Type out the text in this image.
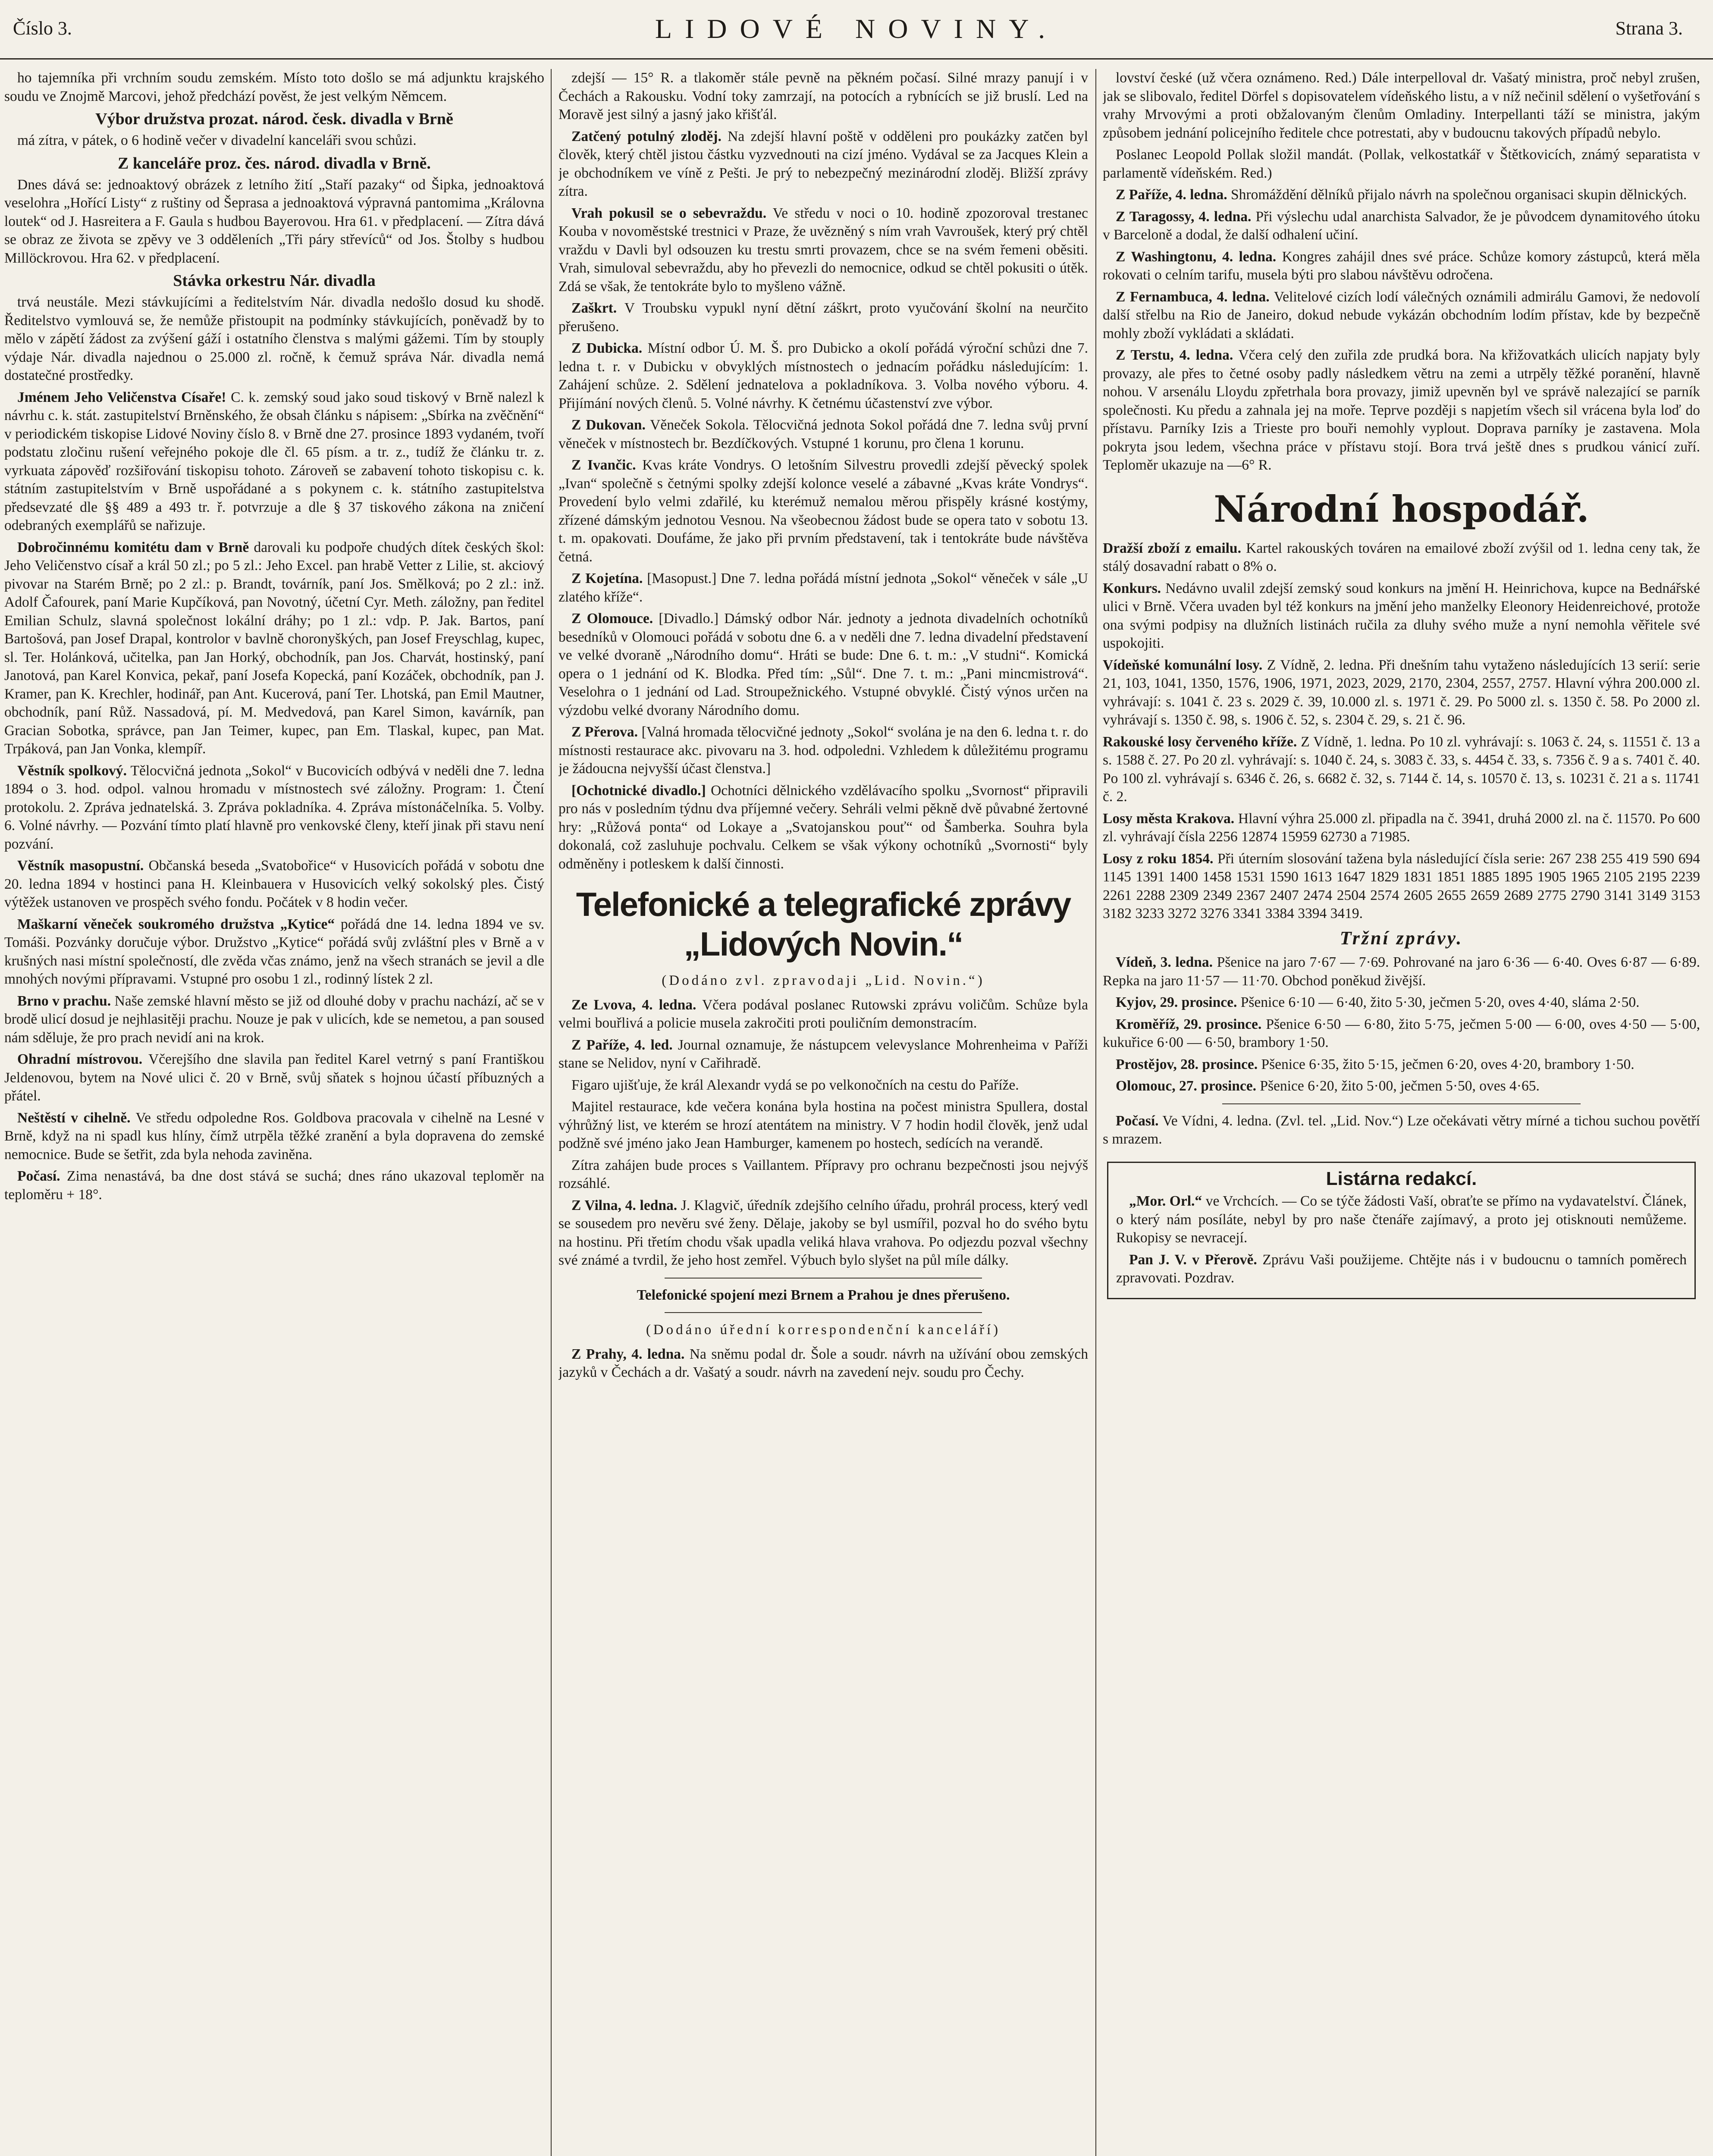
Číslo 3.	LIDOVÉ NOVINY.	Strana 3.

ho tajemníka při vrchním soudu zemském. Místo toto došlo se má adjunktu krajského soudu ve Znojmě Marcovi, jehož předchází pověst, že jest velkým Němcem.

Výbor družstva prozat. národ. česk. divadla v Brně

má zítra, v pátek, o 6 hodině večer v divadelní kanceláři svou schůzi.

Z kanceláře proz. čes. národ. divadla v Brně.

Dnes dává se: jednoaktový obrázek z letního žití „Staří pazaky“ od Šipka, jednoaktová veselohra „Hořící Listy“ z ruštiny od Šeprasa a jednoaktová výpravná pantomima „Královna loutek“ od J. Hasreitera a F. Gaula s hudbou Bayerovou. Hra 61. v předplacení. — Zítra dává se obraz ze života se zpěvy ve 3 odděleních „Tři páry střevíců“ od Jos. Štolby s hudbou Millöckrovou. Hra 62. v předplacení.

Stávka orkestru Nár. divadla

trvá neustále. Mezi stávkujícími a ředitelstvím Nár. divadla nedošlo dosud ku shodě. Ředitelstvo vymlouvá se, že nemůže přistoupit na podmínky stávkujících, poněvadž by to mělo v zápětí žádost za zvýšení gáží i ostatního členstva s malými gážemi. Tím by stouply výdaje Nár. divadla najednou o 25.000 zl. ročně, k čemuž správa Nár. divadla nemá dostatečné prostředky.

Jménem Jeho Veličenstva Císaře! C. k. zemský soud jako soud tiskový v Brně nalezl k návrhu c. k. stát. zastupitelství Brněnského, že obsah článku s nápisem: „Sbírka na zvěčnění“ v periodickém tiskopise Lidové Noviny číslo 8. v Brně dne 27. prosince 1893 vydaném, tvoří podstatu zločinu rušení veřejného pokoje dle čl. 65 písm. a tr. z., tudíž že článku tr. z. vyrkuata zápověď rozšiřování tiskopisu tohoto. Zároveň se zabavení tohoto tiskopisu c. k. státním zastupitelstvím v Brně uspořádané a s pokynem c. k. státního zastupitelstva předsevzaté dle §§ 489 a 493 tr. ř. potvrzuje a dle § 37 tiskového zákona na zničení odebraných exemplářů se nařizuje.

Dobročinnému komitétu dam v Brně darovali ku podpoře chudých dítek českých škol: Jeho Veličenstvo císař a král 50 zl.; po 5 zl.: Jeho Excel. pan hrabě Vetter z Lilie, st. akciový pivovar na Starém Brně; po 2 zl.: p. Brandt, továrník, paní Jos. Smělková; po 2 zl.: inž. Adolf Čafourek, paní Marie Kupčíková, pan Novotný, účetní Cyr. Meth. záložny, pan ředitel Emilian Schulz, slavná společnost lokální dráhy; po 1 zl.: vdp. P. Jak. Bartos, paní Bartošová, pan Josef Drapal, kontrolor v bavlně choronyškých, pan Josef Freyschlag, kupec, sl. Ter. Holánková, učitelka, pan Jan Horký, obchodník, pan Jos. Charvát, hostinský, paní Janotová, pan Karel Konvica, pekař, paní Josefa Kopecká, paní Kozáček, obchodník, pan J. Kramer, pan K. Krechler, hodinář, pan Ant. Kucerová, paní Ter. Lhotská, pan Emil Mautner, obchodník, paní Růž. Nassadová, pí. M. Medvedová, pan Karel Simon, kavárník, pan Gracian Sobotka, správce, pan Jan Teimer, kupec, pan Em. Tlaskal, kupec, pan Mat. Trpáková, pan Jan Vonka, klempíř.

Věstník spolkový. Tělocvičná jednota „Sokol“ v Bucovicích odbývá v neděli dne 7. ledna 1894 o 3. hod. odpol. valnou hromadu v místnostech své záložny. Program: 1. Čtení protokolu. 2. Zpráva jednatelská. 3. Zpráva pokladníka. 4. Zpráva místonáčelníka. 5. Volby. 6. Volné návrhy. — Pozvání tímto platí hlavně pro venkovské členy, kteří jinak při stavu není pozvání.

Věstník masopustní. Občanská beseda „Svatobořice“ v Husovicích pořádá v sobotu dne 20. ledna 1894 v hostinci pana H. Kleinbauera v Husovicích velký sokolský ples. Čistý výtěžek ustanoven ve prospěch svého fondu. Počátek v 8 hodin večer.

Maškarní věneček soukromého družstva „Kytice“ pořádá dne 14. ledna 1894 ve sv. Tomáši. Pozvánky doručuje výbor. Družstvo „Kytice“ pořádá svůj zvláštní ples v Brně a v krušných nasi místní společností, dle zvěda včas známo, jenž na všech stranách se jevil a dle mnohých novými přípravami. Vstupné pro osobu 1 zl., rodinný lístek 2 zl.

Brno v prachu. Naše zemské hlavní město se již od dlouhé doby v prachu nachází, ač se v brodě ulicí dosud je nejhlasitěji prachu. Nouze je pak v ulicích, kde se nemetou, a pan soused nám sděluje, že pro prach nevidí ani na krok.

Ohradní místrovou. Včerejšího dne slavila pan ředitel Karel vetrný s paní Františkou Jeldenovou, bytem na Nové ulici č. 20 v Brně, svůj sňatek s hojnou účastí příbuzných a přátel.

Neštěstí v cihelně. Ve středu odpoledne Ros. Goldbova pracovala v cihelně na Lesné v Brně, když na ni spadl kus hlíny, čímž utrpěla těžké zranění a byla dopravena do zemské nemocnice. Bude se šetřit, zda byla nehoda zaviněna.

Počasí. Zima nenastává, ba dne dost stává se suchá; dnes ráno ukazoval teploměr na teploměru + 18°.

zdejší — 15° R. a tlakoměr stále pevně na pěkném počasí. Silné mrazy panují i v Čechách a Rakousku. Vodní toky zamrzají, na potocích a rybnících se již bruslí. Led na Moravě jest silný a jasný jako křišťál.

Zatčený potulný zloděj. Na zdejší hlavní poště v odděleni pro poukázky zatčen byl člověk, který chtěl jistou částku vyzvednouti na cizí jméno. Vydával se za Jacques Klein a je obchodníkem ve víně z Pešti. Je prý to nebezpečný mezinárodní zloděj. Bližší zprávy zítra.

Vrah pokusil se o sebevraždu. Ve středu v noci o 10. hodině zpozoroval trestanec Kouba v novoměstské trestnici v Praze, že uvězněný s ním vrah Vavroušek, který prý chtěl vraždu v Davli byl odsouzen ku trestu smrti provazem, chce se na svém řemeni oběsiti. Vrah, simuloval sebevraždu, aby ho převezli do nemocnice, odkud se chtěl pokusiti o útěk. Zdá se však, že tentokráte bylo to myšleno vážně.

Zaškrt. V Troubsku vypukl nyní dětní záškrt, proto vyučování školní na neurčito přerušeno.

Z Dubicka. Místní odbor Ú. M. Š. pro Dubicko a okolí pořádá výroční schůzi dne 7. ledna t. r. v Dubicku v obvyklých místnostech o jednacím pořádku následujícím: 1. Zahájení schůze. 2. Sdělení jednatelova a pokladníkova. 3. Volba nového výboru. 4. Přijímání nových členů. 5. Volné návrhy. K četnému účastenství zve výbor.

Z Dukovan. Věneček Sokola. Tělocvičná jednota Sokol pořádá dne 7. ledna svůj první věneček v místnostech br. Bezdíčkových. Vstupné 1 korunu, pro člena 1 korunu.

Z Ivančic. Kvas kráte Vondrys. O letošním Silvestru provedli zdejší pěvecký spolek „Ivan“ společně s četnými spolky zdejší kolonce veselé a zábavné „Kvas kráte Vondrys“. Provedení bylo velmi zdařilé, ku kterémuž nemalou měrou přispěly krásné kostýmy, zřízené dámským jednotou Vesnou. Na všeobecnou žádost bude se opera tato v sobotu 13. t. m. opakovati. Doufáme, že jako při prvním představení, tak i tentokráte bude návštěva četná.

Z Kojetína. [Masopust.] Dne 7. ledna pořádá místní jednota „Sokol“ věneček v sále „U zlatého kříže“.

Z Olomouce. [Divadlo.] Dámský odbor Nár. jednoty a jednota divadelních ochotníků besedníků v Olomouci pořádá v sobotu dne 6. a v neděli dne 7. ledna divadelní představení ve velké dvoraně „Národního domu“. Hráti se bude: Dne 6. t. m.: „V studni“. Komická opera o 1 jednání od K. Blodka. Před tím: „Sůl“. Dne 7. t. m.: „Pani mincmistrová“. Veselohra o 1 jednání od Lad. Stroupežnického. Vstupné obvyklé. Čistý výnos určen na výzdobu velké dvorany Národního domu.

Z Přerova. [Valná hromada tělocvičné jednoty „Sokol“ svolána je na den 6. ledna t. r. do místnosti restaurace akc. pivovaru na 3. hod. odpoledni. Vzhledem k důležitému programu je žádoucna nejvyšší účast členstva.]

[Ochotnické divadlo.] Ochotníci dělnického vzdělávacího spolku „Svornost“ připravili pro nás v posledním týdnu dva příjemné večery. Sehráli velmi pěkně dvě půvabné žertovné hry: „Růžová ponta“ od Lokaye a „Svatojanskou pouť“ od Šamberka. Souhra byla dokonalá, což zasluhuje pochvalu. Celkem se však výkony ochotníků „Svornosti“ byly odměněny i potleskem k další činnosti.

Telefonické a telegrafické zprávy
„Lidových Novin.“
(Dodáno zvl. zpravodaji „Lid. Novin.“)

Ze Lvova, 4. ledna. Včera podával poslanec Rutowski zprávu voličům. Schůze byla velmi bouřlivá a policie musela zakročiti proti pouličním demonstracím.

Z Paříže, 4. led. Journal oznamuje, že nástupcem velevyslance Mohrenheima v Paříži stane se Nelidov, nyní v Cařihradě.

Figaro ujišťuje, že král Alexandr vydá se po velkonočních na cestu do Paříže.

Majitel restaurace, kde večera konána byla hostina na počest ministra Spullera, dostal výhrůžný list, ve kterém se hrozí atentátem na ministry. V 7 hodin hodil člověk, jenž udal podžně své jméno jako Jean Hamburger, kamenem po hostech, sedících na verandě.

Zítra zahájen bude proces s Vaillantem. Přípravy pro ochranu bezpečnosti jsou nejvýš rozsáhlé.

Z Vilna, 4. ledna. J. Klagvič, úředník zdejšího celního úřadu, prohrál process, který vedl se sousedem pro nevěru své ženy. Dělaje, jakoby se byl usmířil, pozval ho do svého bytu na hostinu. Při třetím chodu však upadla veliká hlava vrahova. Po odjezdu pozval všechny své známé a tvrdil, že jeho host zemřel. Výbuch bylo slyšet na půl míle dálky.

Telefonické spojení mezi Brnem a Prahou je dnes přerušeno.

(Dodáno úřední korrespondenční kanceláří)

Z Prahy, 4. ledna. Na sněmu podal dr. Šole a soudr. návrh na užívání obou zemských jazyků v Čechách a dr. Vašatý a soudr. návrh na zavedení nejv. soudu pro Čechy.

lovství české (už včera oznámeno. Red.) Dále interpelloval dr. Vašatý ministra, proč nebyl zrušen, jak se slibovalo, ředitel Dörfel s dopisovatelem vídeňského listu, a v níž nečinil sdělení o vyšetřování s vrahy Mrvovými a proti obžalovaným členům Omladiny. Interpellanti táží se ministra, jakým způsobem jednání policejního ředitele chce potrestati, aby v budoucnu takových případů nebylo.

Poslanec Leopold Pollak složil mandát. (Pollak, velkostatkář v Štětkovicích, známý separatista v parlamentě vídeňském. Red.)

Z Paříže, 4. ledna. Shromáždění dělníků přijalo návrh na společnou organisaci skupin dělnických.

Z Taragossy, 4. ledna. Při výslechu udal anarchista Salvador, že je původcem dynamitového útoku v Barceloně a dodal, že další odhalení učiní.

Z Washingtonu, 4. ledna. Kongres zahájil dnes své práce. Schůze komory zástupců, která měla rokovati o celním tarifu, musela býti pro slabou návštěvu odročena.

Z Fernambuca, 4. ledna. Velitelové cizích lodí válečných oznámili admirálu Gamovi, že nedovolí další střelbu na Rio de Janeiro, dokud nebude vykázán obchodním lodím přístav, kde by bezpečně mohly zboží vykládati a skládati.

Z Terstu, 4. ledna. Včera celý den zuřila zde prudká bora. Na křižovatkách ulicích napjaty byly provazy, ale přes to četné osoby padly následkem větru na zemi a utrpěly těžké poranění, hlavně nohou. V arsenálu Lloydu zpřetrhala bora provazy, jimiž upevněn byl ve správě nalezající se parník společnosti. Ku předu a zahnala jej na moře. Teprve později s napjetím všech sil vrácena byla loď do přístavu. Parníky Izis a Trieste pro bouři nemohly vyplout. Doprava parníky je zastavena. Mola pokryta jsou ledem, všechna práce v přístavu stojí. Bora trvá ještě dnes s prudkou vánicí zuří. Teploměr ukazuje na —6° R.

Národní hospodář.

Dražší zboží z emailu. Kartel rakouských továren na emailové zboží zvýšil od 1. ledna ceny tak, že stálý dosavadní rabatt o 8% o.

Konkurs. Nedávno uvalil zdejší zemský soud konkurs na jmění H. Heinrichova, kupce na Bednářské ulici v Brně. Včera uvaden byl též konkurs na jmění jeho manželky Eleonory Heidenreichové, protože ona svými podpisy na dlužních listinách ručila za dluhy svého muže a nyní nemohla věřitele své uspokojiti.

Vídeňské komunální losy. Z Vídně, 2. ledna. Při dnešním tahu vytaženo následujících 13 serií: serie 21, 103, 1041, 1350, 1576, 1906, 1971, 2023, 2029, 2170, 2304, 2557, 2757. Hlavní výhra 200.000 zl. vyhrávají: s. 1041 č. 23 s. 2029 č. 39, 10.000 zl. s. 1971 č. 29. Po 5000 zl. s. 1350 č. 58. Po 2000 zl. vyhrávají s. 1350 č. 98, s. 1906 č. 52, s. 2304 č. 29, s. 21 č. 96.

Rakouské losy červeného kříže. Z Vídně, 1. ledna. Po 10 zl. vyhrávají: s. 1063 č. 24, s. 11551 č. 13 a s. 1588 č. 27. Po 20 zl. vyhrávají: s. 1040 č. 24, s. 3083 č. 33, s. 4454 č. 33, s. 7356 č. 9 a s. 7401 č. 40. Po 100 zl. vyhrávají s. 6346 č. 26, s. 6682 č. 32, s. 7144 č. 14, s. 10570 č. 13, s. 10231 č. 21 a s. 11741 č. 2.

Losy města Krakova. Hlavní výhra 25.000 zl. připadla na č. 3941, druhá 2000 zl. na č. 11570. Po 600 zl. vyhrávají čísla 2256 12874 15959 62730 a 71985.

Losy z roku 1854. Při úterním slosování tažena byla následující čísla serie: 267 238 255 419 590 694 1145 1391 1400 1458 1531 1590 1613 1647 1829 1831 1851 1885 1895 1905 1965 2105 2195 2239 2261 2288 2309 2349 2367 2407 2474 2504 2574 2605 2655 2659 2689 2775 2790 3141 3149 3153 3182 3233 3272 3276 3341 3384 3394 3419.

Tržní zprávy.

Vídeň, 3. ledna. Pšenice na jaro 7·67 — 7·69. Pohrované na jaro 6·36 — 6·40. Oves 6·87 — 6·89. Repka na jaro 11·57 — 11·70. Obchod poněkud živější.

Kyjov, 29. prosince. Pšenice 6·10 — 6·40, žito 5·30, ječmen 5·20, oves 4·40, sláma 2·50.

Kroměříž, 29. prosince. Pšenice 6·50 — 6·80, žito 5·75, ječmen 5·00 — 6·00, oves 4·50 — 5·00, kukuřice 6·00 — 6·50, brambory 1·50.

Prostějov, 28. prosince. Pšenice 6·35, žito 5·15, ječmen 6·20, oves 4·20, brambory 1·50.

Olomouc, 27. prosince. Pšenice 6·20, žito 5·00, ječmen 5·50, oves 4·65.

Počasí. Ve Vídni, 4. ledna. (Zvl. tel. „Lid. Nov.“) Lze očekávati větry mírné a tichou suchou povětří s mrazem.

Listárna redakcí.

„Mor. Orl.“ ve Vrchcích. — Co se týče žádosti Vaší, obraťte se přímo na vydavatelství. Článek, o který nám posíláte, nebyl by pro naše čtenáře zajímavý, a proto jej otisknouti nemůžeme. Rukopisy se nevracejí.

Pan J. V. v Přerově. Zprávu Vaši použijeme. Chtějte nás i v budoucnu o tamních poměrech zpravovati. Pozdrav.
